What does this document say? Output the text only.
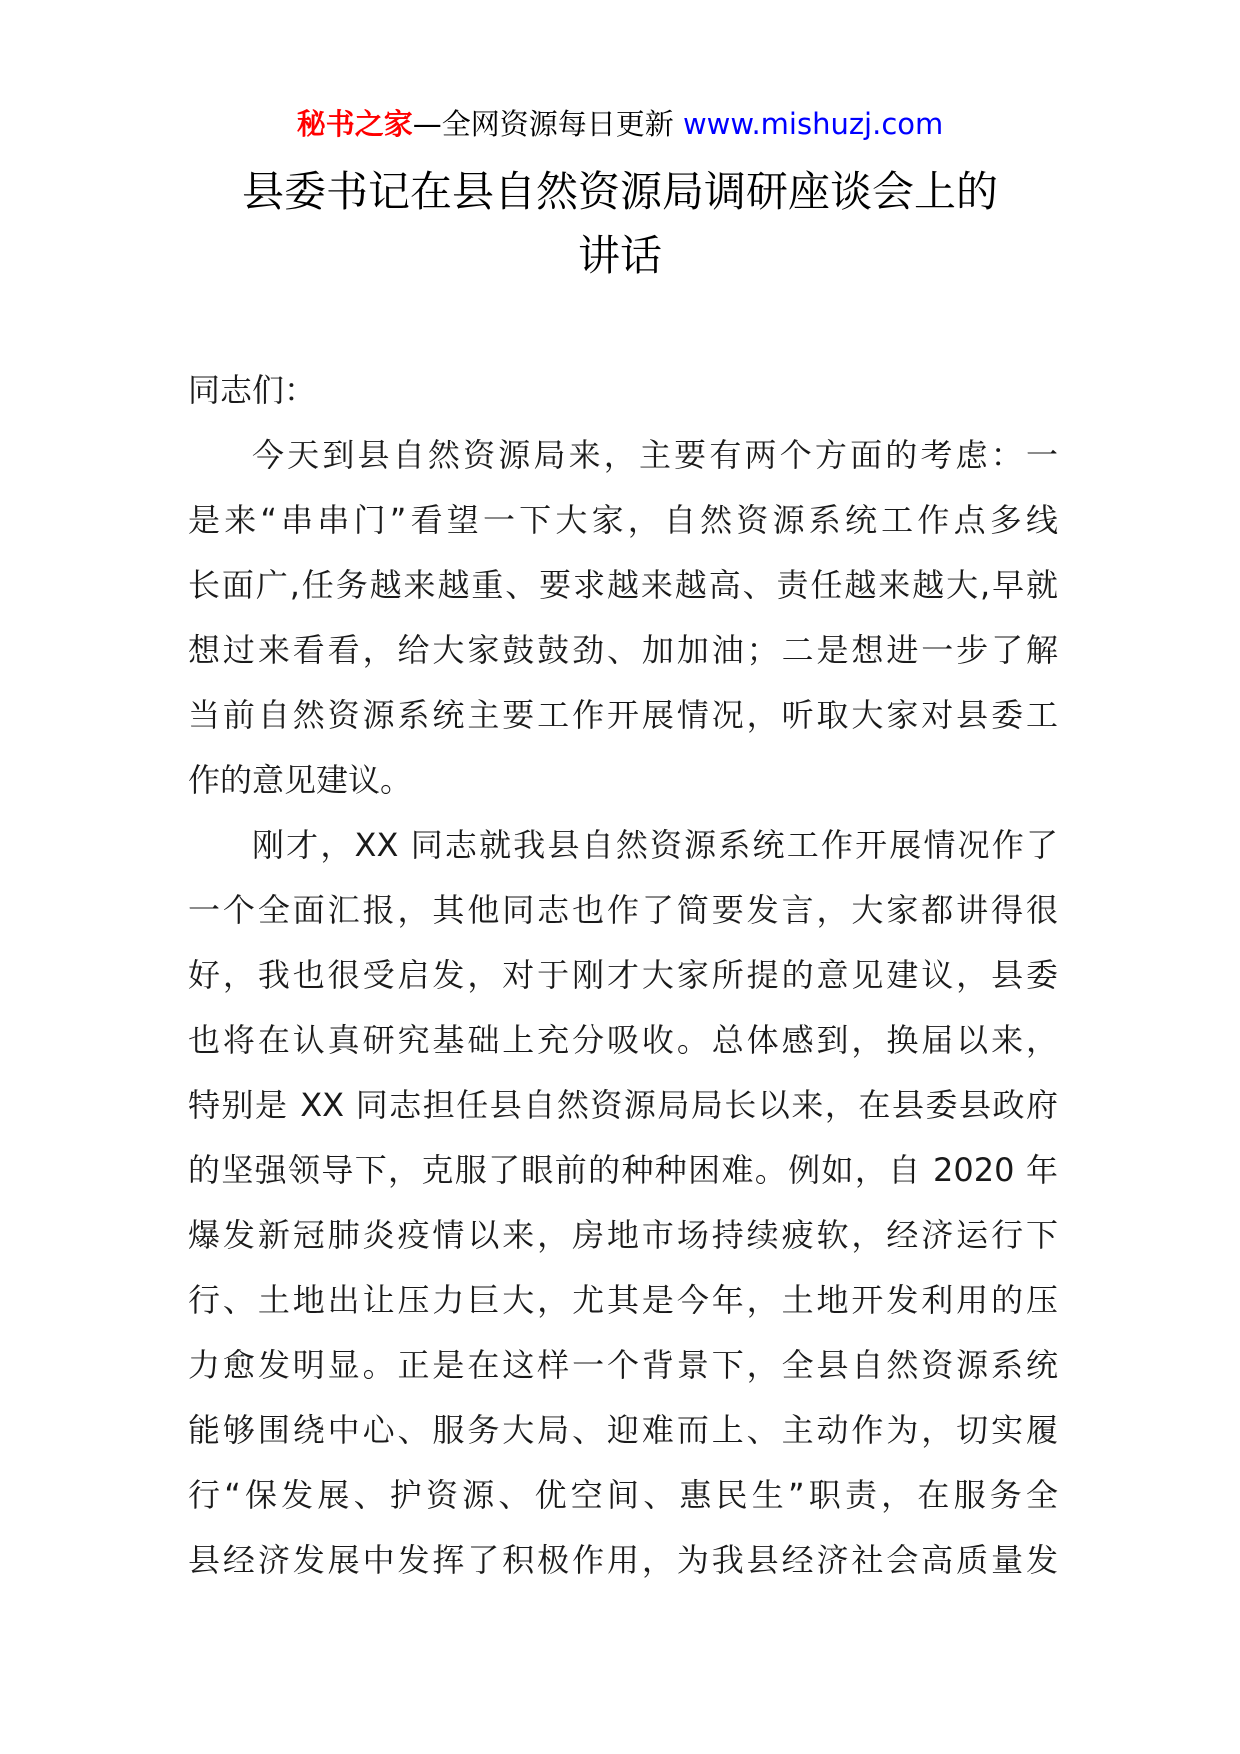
秘书之家—全网资源每日更新 www.mishuzj.com
县委书记在县自然资源局调研座谈会上的
讲话
同志们：
今天到县自然资源局来，主要有两个方面的考虑：一
是来“串串门”看望一下大家，自然资源系统工作点多线
长面广,任务越来越重、要求越来越高、责任越来越大,早就
想过来看看，给大家鼓鼓劲、加加油；二是想进一步了解
当前自然资源系统主要工作开展情况，听取大家对县委工
作的意见建议。
刚才，XX 同志就我县自然资源系统工作开展情况作了
一个全面汇报，其他同志也作了简要发言，大家都讲得很
好，我也很受启发，对于刚才大家所提的意见建议，县委
也将在认真研究基础上充分吸收。总体感到，换届以来，
特别是 XX 同志担任县自然资源局局长以来，在县委县政府
的坚强领导下，克服了眼前的种种困难。例如，自 2020 年
爆发新冠肺炎疫情以来，房地市场持续疲软，经济运行下
行、土地出让压力巨大，尤其是今年，土地开发利用的压
力愈发明显。正是在这样一个背景下，全县自然资源系统
能够围绕中心、服务大局、迎难而上、主动作为，切实履
行“保发展、护资源、优空间、惠民生”职责，在服务全
县经济发展中发挥了积极作用，为我县经济社会高质量发
